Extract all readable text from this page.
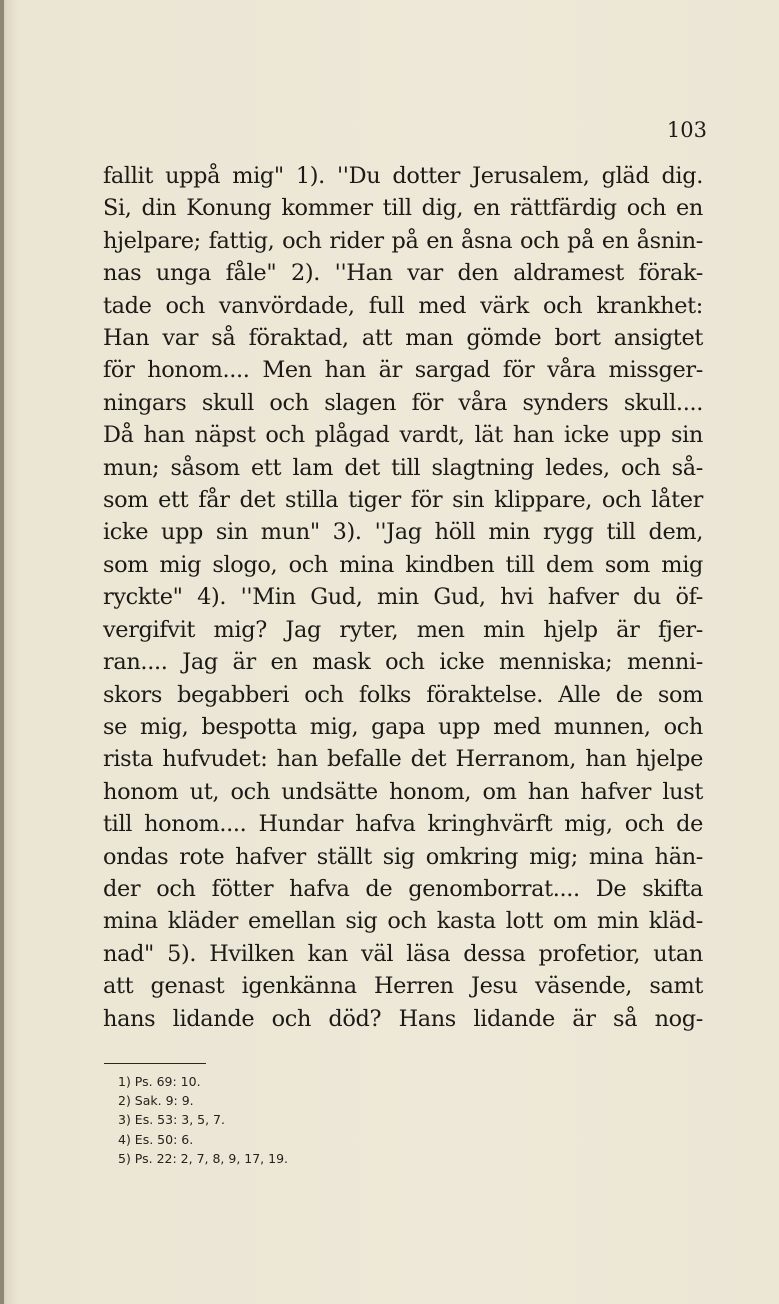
103

fallit uppå mig" 1). ''Du dotter Jerusalem, gläd dig.
Si, din Konung kommer till dig, en rättfärdig och en
hjelpare; fattig, och rider på en åsna och på en åsnin-
nas unga fåle" 2). ''Han var den aldramest förak-
tade och vanvördade, full med värk och krankhet:
Han var så föraktad, att man gömde bort ansigtet
för honom.... Men han är sargad för våra missger-
ningars skull och slagen för våra synders skull....
Då han näpst och plågad vardt, lät han icke upp sin
mun; såsom ett lam det till slagtning ledes, och så-
som ett får det stilla tiger för sin klippare, och låter
icke upp sin mun" 3). ''Jag höll min rygg till dem,
som mig slogo, och mina kindben till dem som mig
ryckte" 4). ''Min Gud, min Gud, hvi hafver du öf-
vergifvit mig? Jag ryter, men min hjelp är fjer-
ran.... Jag är en mask och icke menniska; menni-
skors begabberi och folks föraktelse. Alle de som
se mig, bespotta mig, gapa upp med munnen, och
rista hufvudet: han befalle det Herranom, han hjelpe
honom ut, och undsätte honom, om han hafver lust
till honom.... Hundar hafva kringhvärft mig, och de
ondas rote hafver ställt sig omkring mig; mina hän-
der och fötter hafva de genomborrat.... De skifta
mina kläder emellan sig och kasta lott om min kläd-
nad" 5). Hvilken kan väl läsa dessa profetior, utan
att genast igenkänna Herren Jesu väsende, samt
hans lidande och död? Hans lidande är så nog-
1) Ps. 69: 10.
2) Sak. 9: 9.
3) Es. 53: 3, 5, 7.
4) Es. 50: 6.
5) Ps. 22: 2, 7, 8, 9, 17, 19.
